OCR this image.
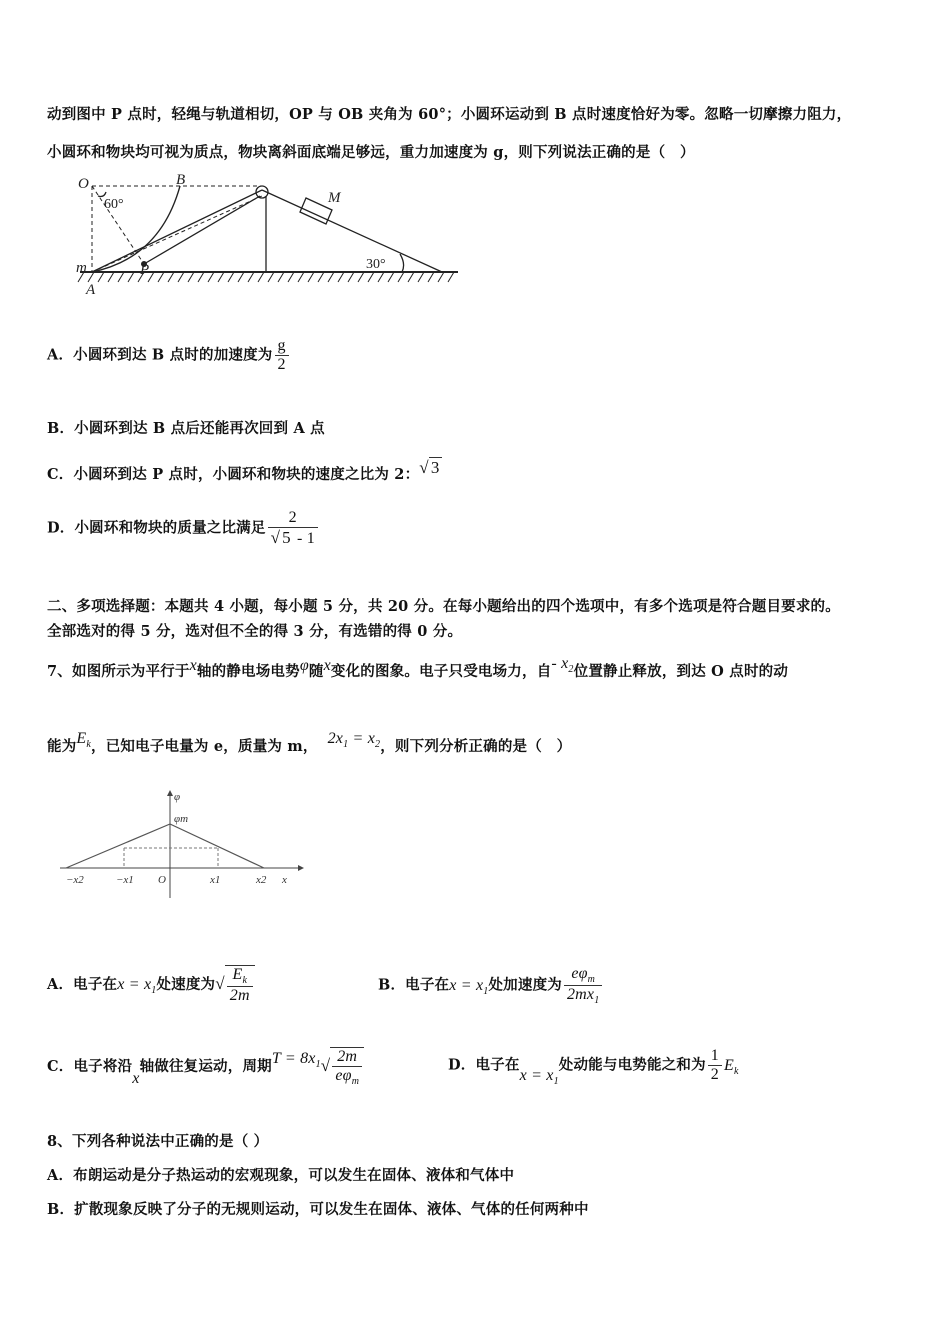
动到图中 P 点时，轻绳与轨道相切，OP 与 OB 夹角为 60°；小圆环运动到 B 点时速度恰好为零。忽略一切摩擦力阻力，
小圆环和物块均可视为质点，物块离斜面底端足够远，重力加速度为 g，则下列说法正确的是（　）
O	B
M
60°
30°
m
A
P
A．小圆环到达 B 点时的加速度为 $\frac{g}{2}$
B．小圆环到达 B 点后还能再次回到 A 点
C．小圆环到达 P 点时，小圆环和物块的速度之比为 2：√ 3
D．小圆环和物块的质量之比满足 $\frac{2}{√ 5 - 1}$
二、多项选择题：本题共 4 小题，每小题 5 分，共 20 分。在每小题给出的四个选项中，有多个选项是符合题目要求的。
全部选对的得 5 分，选对但不全的得 3 分，有选错的得 0 分。
7、如图所示为平行于x轴的静电场电势φ随x变化的图象。电子只受电场力，自- $x_2$位置静止释放，到达 O 点时的动
能为$E_k$，已知电子电量为 e，质量为 m， $2x_1 = x_2$，则下列分析正确的是（　）
φ
φm
−x2	−x1 O	x1	x2 x
A．电子在$x = x_1$处速度为√ $\frac{E_k}{2m}$	B．电子在$x = x_1$处加速度为 $\frac{e\varphi_m}{2mx_1}$
C．电子将沿x轴做往复运动，周期$T = 8x_1√ \frac{2m}{e\varphi_m}$	D．电子在$x = x_1$处动能与电势能之和为 $\frac{1}{2} E_k$
8、下列各种说法中正确的是（ ）
A．布朗运动是分子热运动的宏观现象，可以发生在固体、液体和气体中
B．扩散现象反映了分子的无规则运动，可以发生在固体、液体、气体的任何两种中
